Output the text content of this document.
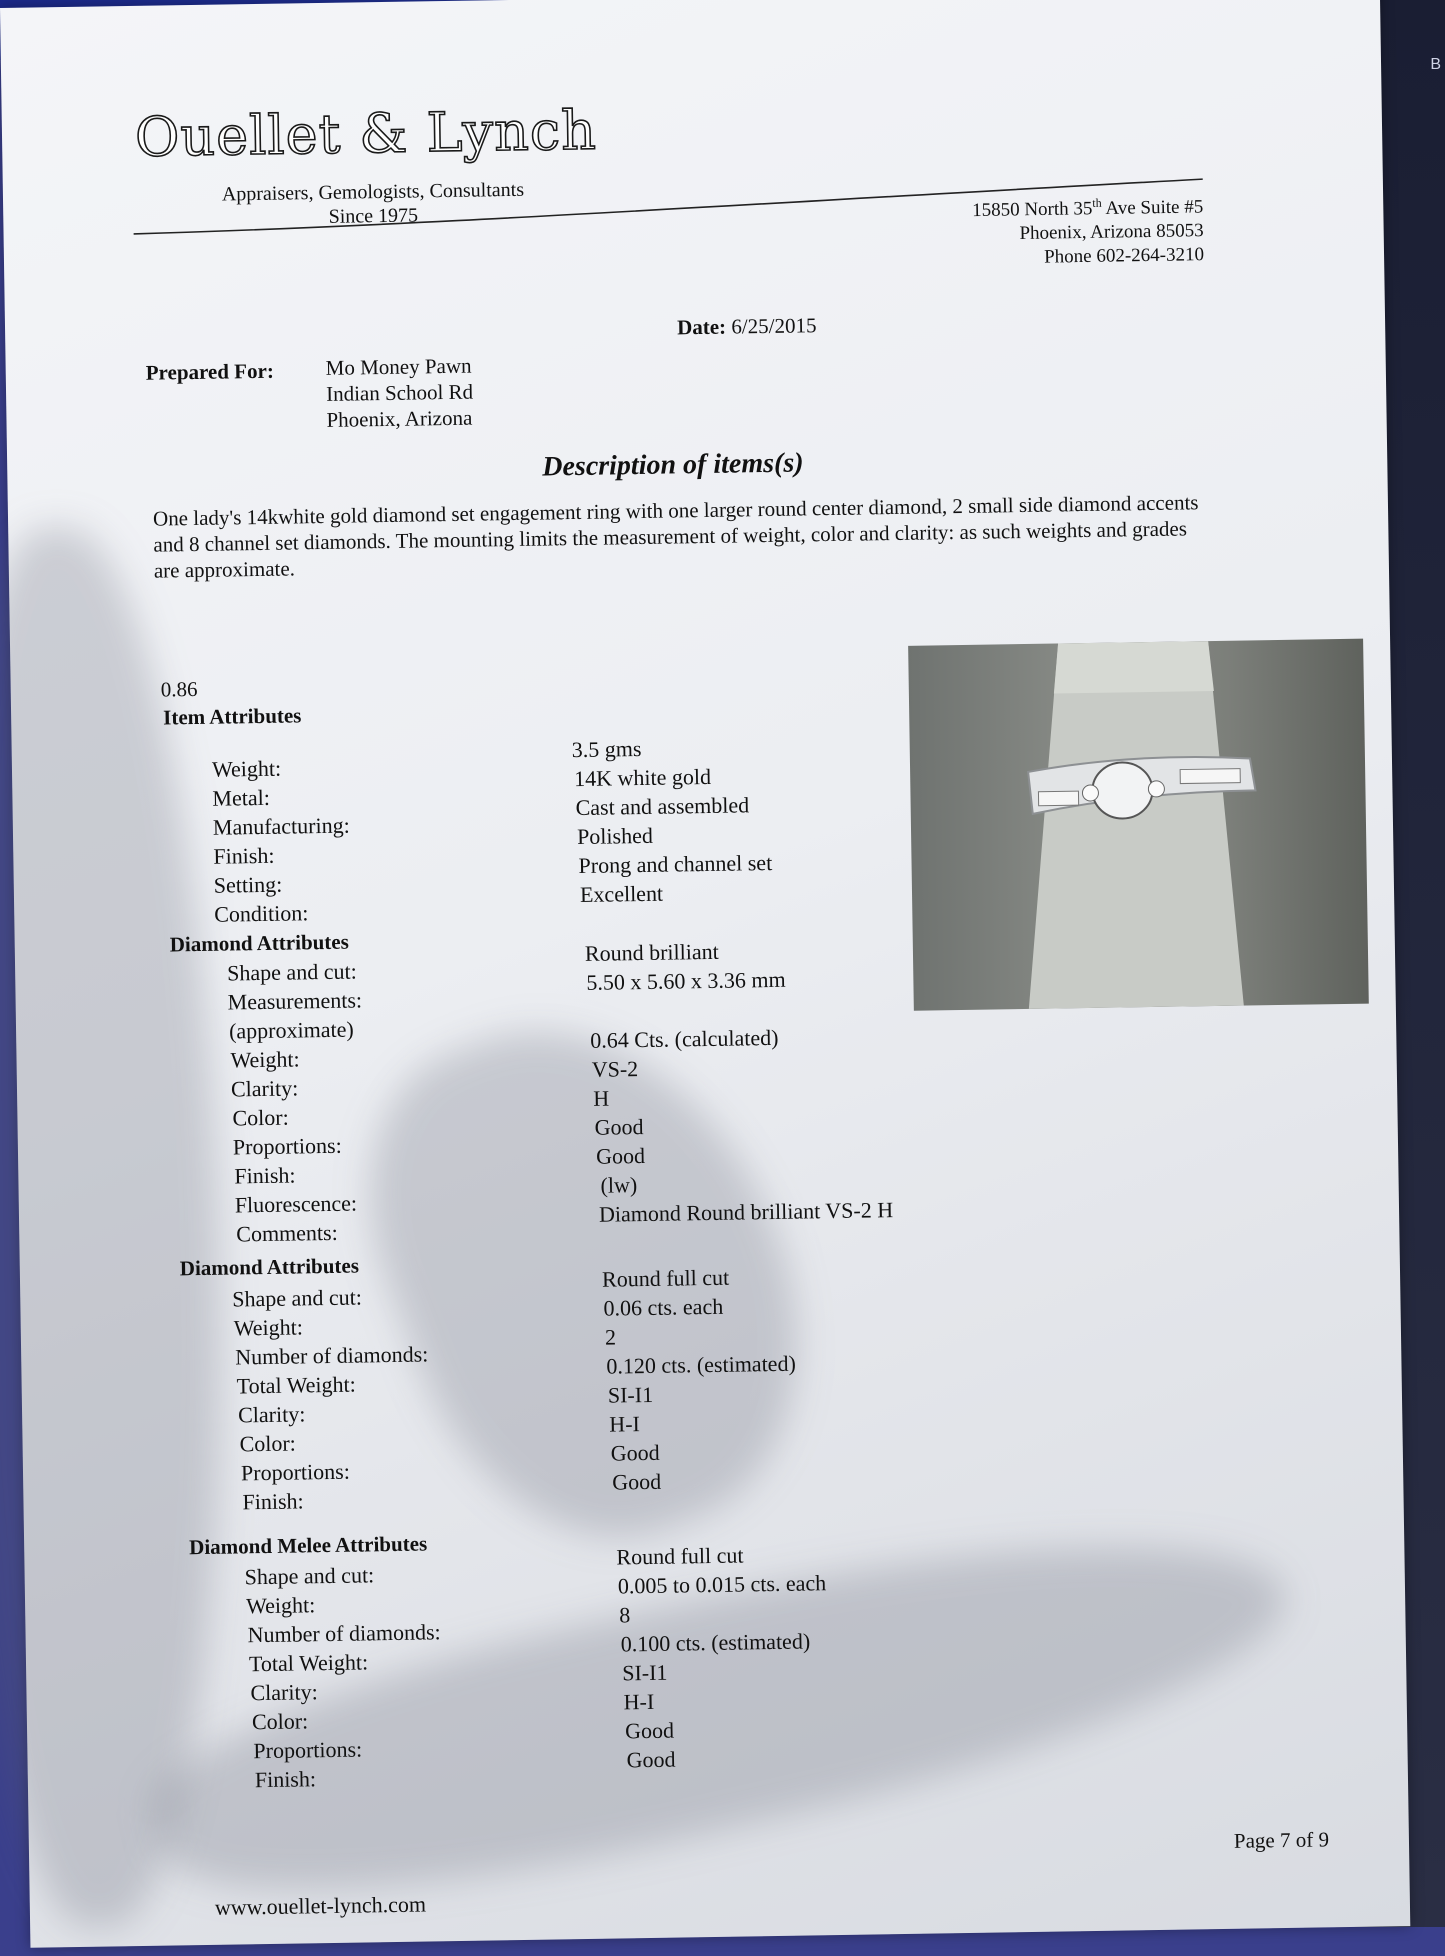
B
Ouellet & Lynch
Appraisers, Gemologists, Consultants
Since 1975	15850 North 35th Ave Suite #5
Phoenix, Arizona 85053
Phone 602-264-3210
Date: 6/25/2015
Prepared For: Mo Money Pawn
Indian School Rd
Phoenix, Arizona
Description of items(s)
One lady's 14kwhite gold diamond set engagement ring with one larger round center diamond, 2 small side diamond accents and 8 channel set diamonds. The mounting limits the measurement of weight, color and clarity: as such weights and grades are approximate.
0.86
Item Attributes
Weight:
3.5 gms
Metal:
14K white gold
Manufacturing:
Cast and assembled
Finish:
Polished
Setting:
Prong and channel set
Condition:
Excellent
Diamond Attributes
Shape and cut:
Round brilliant
Measurements:
5.50 x 5.60 x 3.36 mm
(approximate)
Weight:
0.64 Cts. (calculated)
Clarity:
VS-2
Color:
H
Proportions:
Good
Finish:
Good
Fluorescence:
(lw)
Comments:
Diamond Round brilliant VS-2 H
Diamond Attributes
Shape and cut:
Round full cut
Weight:
0.06 cts. each
Number of diamonds:
2
Total Weight:
0.120 cts. (estimated)
Clarity:
SI-I1
Color:
H-I
Proportions:
Good
Finish:
Good
Diamond Melee Attributes
Shape and cut:
Round full cut
Weight:
0.005 to 0.015 cts. each
Number of diamonds:
8
Total Weight:
0.100 cts. (estimated)
Clarity:
SI-I1
Color:
H-I
Proportions:
Good
Finish:
Good
Page 7 of 9
www.ouellet-lynch.com
